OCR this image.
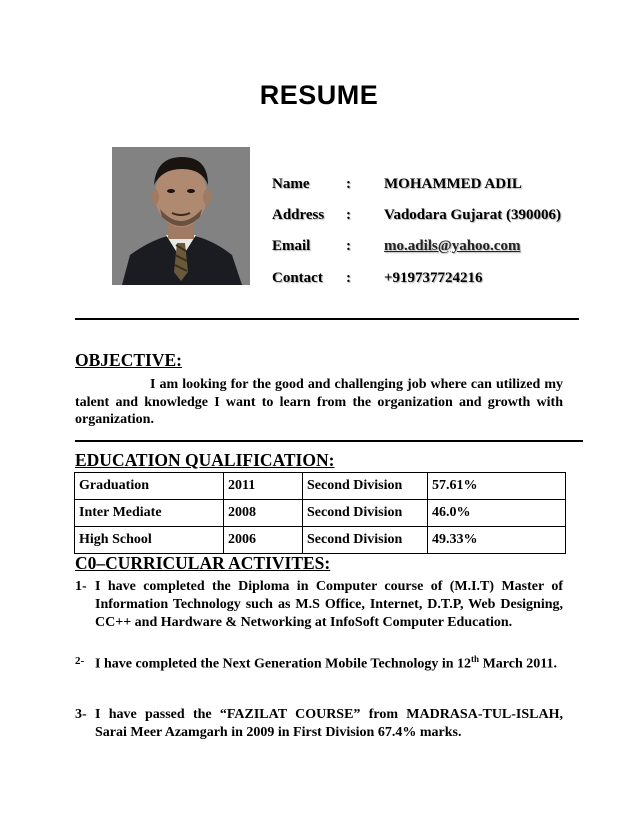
RESUME
Name	: MOHAMMED ADIL
Address	: Vadodara Gujarat (390006)
Email	: mo.adils@yahoo.com
Contact	: +919737724216
OBJECTIVE:
I am looking for the good and challenging job where can utilized my talent and knowledge I want to learn from the organization and growth with organization.
EDUCATION QUALIFICATION:
Graduation	2011	Second Division	57.61%
Inter Mediate	2008	Second Division	46.0%
High School	2006	Second Division	49.33%
C0–CURRICULAR ACTIVITES:
1- I have completed the Diploma in Computer course of (M.I.T) Master of Information Technology such as M.S Office, Internet, D.T.P, Web Designing, CC++ and Hardware & Networking at InfoSoft Computer Education.
2- I have completed the Next Generation Mobile Technology in 12th March 2011.
3- I have passed the “FAZILAT COURSE” from MADRASA-TUL-ISLAH, Sarai Meer Azamgarh in 2009 in First Division 67.4% marks.
